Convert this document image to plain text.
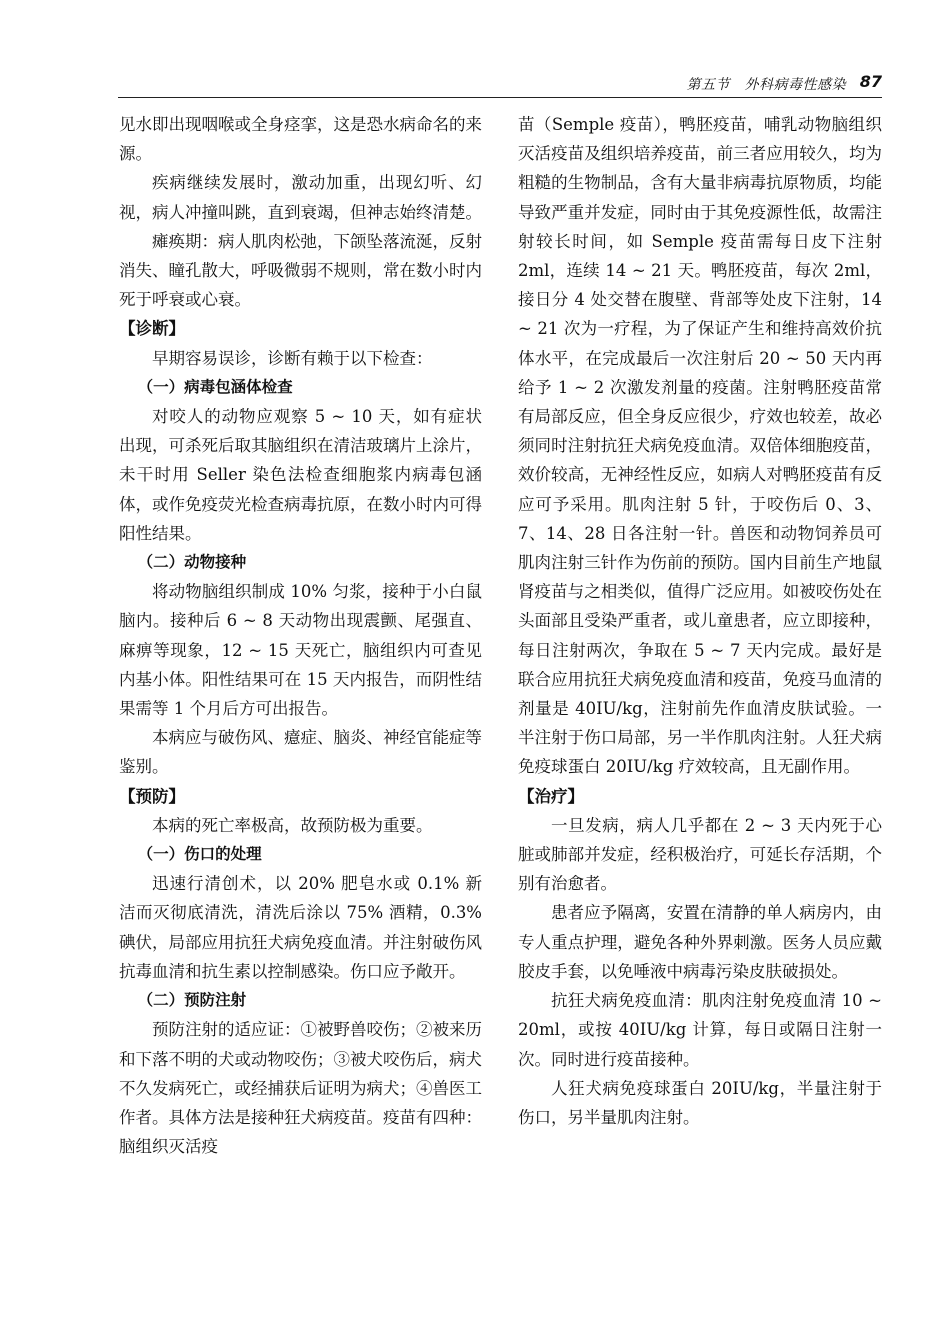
第五节　外科病毒性感染 87

见水即出现咽喉或全身痉挛，这是恐水病命名的来源。

疾病继续发展时，激动加重，出现幻听、幻视，病人冲撞叫跳，直到衰竭，但神志始终清楚。

瘫痪期：病人肌肉松弛，下颌坠落流涎，反射消失、瞳孔散大，呼吸微弱不规则，常在数小时内死于呼衰或心衰。

【诊断】

早期容易误诊，诊断有赖于以下检查：

（一）病毒包涵体检查

对咬人的动物应观察 5 ~ 10 天，如有症状出现，可杀死后取其脑组织在清洁玻璃片上涂片，未干时用 Seller 染色法检查细胞浆内病毒包涵体，或作免疫荧光检查病毒抗原，在数小时内可得阳性结果。

（二）动物接种

将动物脑组织制成 10% 匀浆，接种于小白鼠脑内。接种后 6 ~ 8 天动物出现震颤、尾强直、麻痹等现象，12 ~ 15 天死亡，脑组织内可查见内基小体。阳性结果可在 15 天内报告，而阴性结果需等 1 个月后方可出报告。

本病应与破伤风、癔症、脑炎、神经官能症等鉴别。

【预防】

本病的死亡率极高，故预防极为重要。

（一）伤口的处理

迅速行清创术，以 20% 肥皂水或 0.1% 新洁而灭彻底清洗，清洗后涂以 75% 酒精，0.3% 碘伏，局部应用抗狂犬病免疫血清。并注射破伤风抗毒血清和抗生素以控制感染。伤口应予敞开。

（二）预防注射

预防注射的适应证：①被野兽咬伤；②被来历和下落不明的犬或动物咬伤；③被犬咬伤后，病犬不久发病死亡，或经捕获后证明为病犬；④兽医工作者。具体方法是接种狂犬病疫苗。疫苗有四种：脑组织灭活疫

苗（Semple 疫苗），鸭胚疫苗，哺乳动物脑组织灭活疫苗及组织培养疫苗，前三者应用较久，均为粗糙的生物制品，含有大量非病毒抗原物质，均能导致严重并发症，同时由于其免疫源性低，故需注射较长时间，如 Semple 疫苗需每日皮下注射 2ml，连续 14 ~ 21 天。鸭胚疫苗，每次 2ml，接日分 4 处交替在腹壁、背部等处皮下注射，14 ~ 21 次为一疗程，为了保证产生和维持高效价抗体水平，在完成最后一次注射后 20 ~ 50 天内再给予 1 ~ 2 次激发剂量的疫菌。注射鸭胚疫苗常有局部反应，但全身反应很少，疗效也较差，故必须同时注射抗狂犬病免疫血清。双倍体细胞疫苗，效价较高，无神经性反应，如病人对鸭胚疫苗有反应可予采用。肌肉注射 5 针，于咬伤后 0、3、7、14、28 日各注射一针。兽医和动物饲养员可肌肉注射三针作为伤前的预防。国内目前生产地鼠肾疫苗与之相类似，值得广泛应用。如被咬伤处在头面部且受染严重者，或儿童患者，应立即接种，每日注射两次，争取在 5 ~ 7 天内完成。最好是联合应用抗狂犬病免疫血清和疫苗，免疫马血清的剂量是 40IU/kg，注射前先作血清皮肤试验。一半注射于伤口局部，另一半作肌肉注射。人狂犬病免疫球蛋白 20IU/kg 疗效较高，且无副作用。

【治疗】

一旦发病，病人几乎都在 2 ~ 3 天内死于心脏或肺部并发症，经积极治疗，可延长存活期，个别有治愈者。

患者应予隔离，安置在清静的单人病房内，由专人重点护理，避免各种外界刺激。医务人员应戴胶皮手套，以免唾液中病毒污染皮肤破损处。

抗狂犬病免疫血清：肌肉注射免疫血清 10 ~ 20ml，或按 40IU/kg 计算，每日或隔日注射一次。同时进行疫苗接种。

人狂犬病免疫球蛋白 20IU/kg，半量注射于伤口，另半量肌肉注射。
